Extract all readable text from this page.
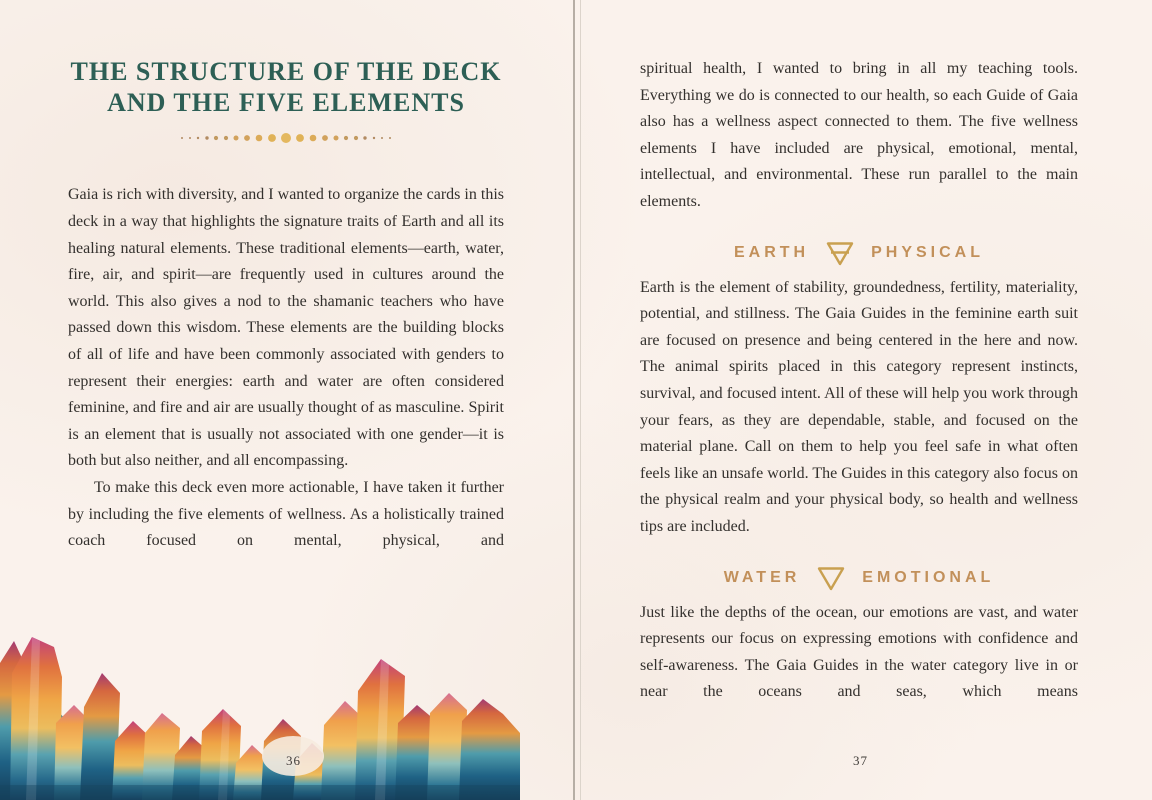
THE STRUCTURE OF THE DECK
AND THE FIVE ELEMENTS

Gaia is rich with diversity, and I wanted to organize the cards in this deck in a way that highlights the signature traits of Earth and all its healing natural elements. These traditional elements—earth, water, fire, air, and spirit—are frequently used in cultures around the world. This also gives a nod to the shamanic teachers who have passed down this wisdom. These elements are the building blocks of all of life and have been commonly associated with genders to represent their energies: earth and water are often considered feminine, and fire and air are usually thought of as masculine. Spirit is an element that is usually not associated with one gender—it is both but also neither, and all encompassing.

To make this deck even more actionable, I have taken it further by including the five elements of wellness. As a holistically trained coach focused on mental, physical, and

spiritual health, I wanted to bring in all my teaching tools. Everything we do is connected to our health, so each Guide of Gaia also has a wellness aspect connected to them. The five wellness elements I have included are physical, emotional, mental, intellectual, and environmental. These run parallel to the main elements.

EARTH	PHYSICAL

Earth is the element of stability, groundedness, fertility, materiality, potential, and stillness. The Gaia Guides in the feminine earth suit are focused on presence and being centered in the here and now. The animal spirits placed in this category represent instincts, survival, and focused intent. All of these will help you work through your fears, as they are dependable, stable, and focused on the material plane. Call on them to help you feel safe in what often feels like an unsafe world. The Guides in this category also focus on the physical realm and your physical body, so health and wellness tips are included.

WATER	EMOTIONAL

Just like the depths of the ocean, our emotions are vast, and water represents our focus on expressing emotions with confidence and self-awareness. The Gaia Guides in the water category live in or near the oceans and seas, which means

36	37
